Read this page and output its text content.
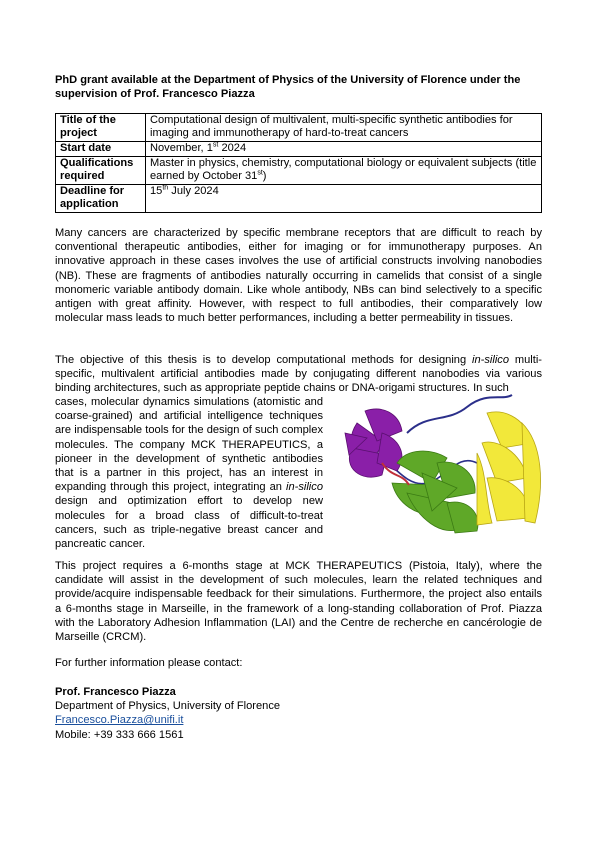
PhD grant available at the Department of Physics of the University of Florence under the supervision of Prof. Francesco Piazza
Title of the project	Computational design of multivalent, multi-specific synthetic antibodies for imaging and immunotherapy of hard-to-treat cancers
Start date	November, 1st 2024
Qualifications required	Master in physics, chemistry, computational biology or equivalent subjects (title earned by October 31st)
Deadline for application	15th July 2024

Many cancers are characterized by specific membrane receptors that are difficult to reach by conventional therapeutic antibodies, either for imaging or for immunotherapy purposes. An innovative approach in these cases involves the use of artificial constructs involving nanobodies (NB). These are fragments of antibodies naturally occurring in camelids that consist of a single monomeric variable antibody domain. Like whole antibody, NBs can bind selectively to a specific antigen with great affinity. However, with respect to full antibodies, their comparatively low molecular mass leads to much better performances, including a better permeability in tissues.

The objective of this thesis is to develop computational methods for designing in-silico multi-specific, multivalent artificial antibodies made by conjugating different nanobodies via various binding architectures, such as appropriate peptide chains or DNA-origami structures. In such

cases, molecular dynamics simulations (atomistic and coarse-grained) and artificial intelligence techniques are indispensable tools for the design of such complex molecules. The company MCK THERAPEUTICS, a pioneer in the development of synthetic antibodies that is a partner in this project, has an interest in expanding through this project, integrating an in-silico design and optimization effort to develop new molecules for a broad class of difficult-to-treat cancers, such as triple-negative breast cancer and pancreatic cancer.

This project requires a 6-months stage at MCK THERAPEUTICS (Pistoia, Italy), where the candidate will assist in the development of such molecules, learn the related techniques and provide/acquire indispensable feedback for their simulations. Furthermore, the project also entails a 6-months stage in Marseille, in the framework of a long-standing collaboration of Prof. Piazza with the Laboratory Adhesion Inflammation (LAI) and the Centre de recherche en cancérologie de Marseille (CRCM).

For further information please contact:

Prof. Francesco Piazza
Department of Physics, University of Florence
Francesco.Piazza@unifi.it
Mobile: +39 333 666 1561
